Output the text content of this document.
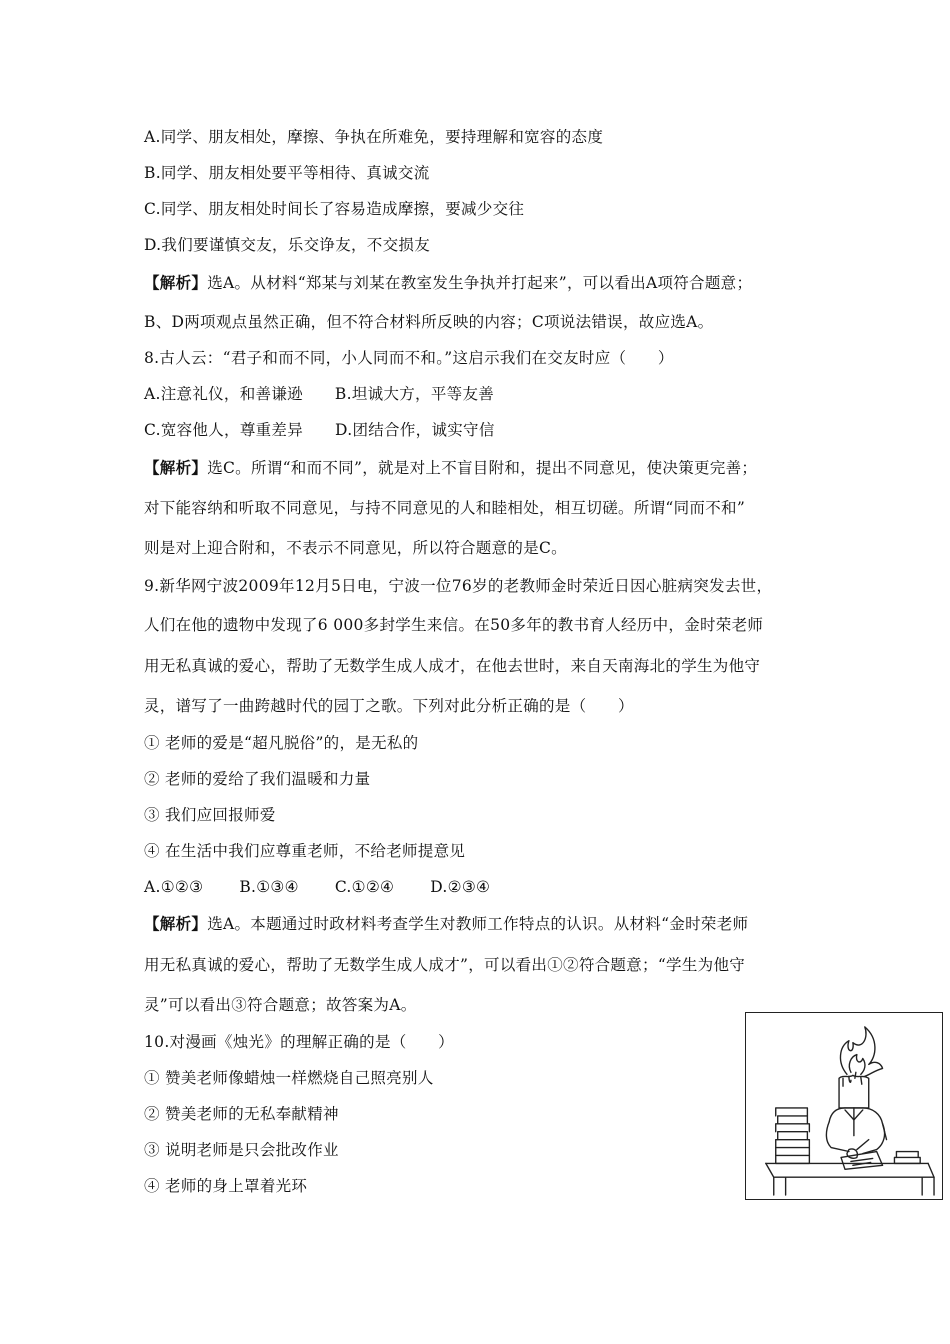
A.同学、朋友相处，摩擦、争执在所难免，要持理解和宽容的态度
B.同学、朋友相处要平等相待、真诚交流
C.同学、朋友相处时间长了容易造成摩擦，要减少交往
D.我们要谨慎交友，乐交诤友，不交损友
【解析】选A。从材料“郑某与刘某在教室发生争执并打起来”，可以看出A项符合题意；
B、D两项观点虽然正确，但不符合材料所反映的内容；C项说法错误，故应选A。
8.古人云：“君子和而不同，小人同而不和。”这启示我们在交友时应（　　）
A.注意礼仪，和善谦逊 B.坦诚大方，平等友善
C.宽容他人，尊重差异 D.团结合作，诚实守信
【解析】选C。所谓“和而不同”，就是对上不盲目附和，提出不同意见，使决策更完善；
对下能容纳和听取不同意见，与持不同意见的人和睦相处，相互切磋。所谓“同而不和”
则是对上迎合附和，不表示不同意见，所以符合题意的是C。
9.新华网宁波2009年12月5日电，宁波一位76岁的老教师金时荣近日因心脏病突发去世，
人们在他的遗物中发现了6 000多封学生来信。在50多年的教书育人经历中，金时荣老师
用无私真诚的爱心，帮助了无数学生成人成才，在他去世时，来自天南海北的学生为他守
灵，谱写了一曲跨越时代的园丁之歌。下列对此分析正确的是（　　）
① 老师的爱是“超凡脱俗”的，是无私的
② 老师的爱给了我们温暖和力量
③ 我们应回报师爱
④ 在生活中我们应尊重老师，不给老师提意见
A.①②③ B.①③④ C.①②④ D.②③④
【解析】选A。本题通过时政材料考查学生对教师工作特点的认识。从材料“金时荣老师
用无私真诚的爱心，帮助了无数学生成人成才”，可以看出①②符合题意；“学生为他守
灵”可以看出③符合题意；故答案为A。
10.对漫画《烛光》的理解正确的是（　　）
① 赞美老师像蜡烛一样燃烧自己照亮别人
② 赞美老师的无私奉献精神
③ 说明老师是只会批改作业
④ 老师的身上罩着光环
